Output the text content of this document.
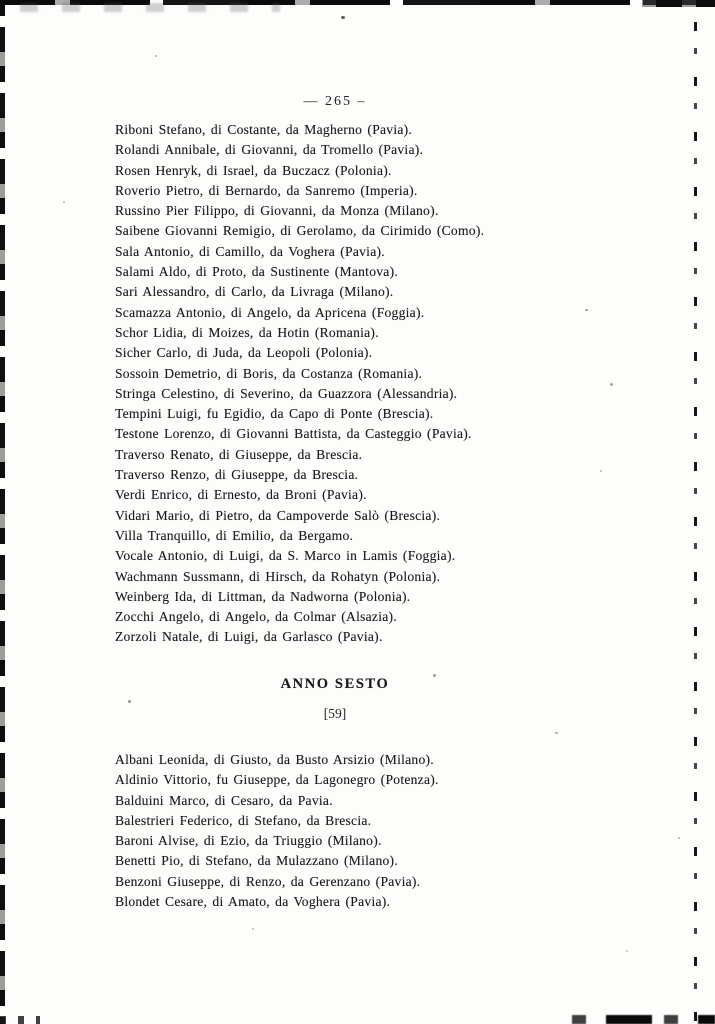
— 265 –
Riboni Stefano, di Costante, da Magherno (Pavia).
Rolandi Annibale, di Giovanni, da Tromello (Pavia).
Rosen Henryk, di Israel, da Buczacz (Polonia).
Roverio Pietro, di Bernardo, da Sanremo (Imperia).
Russino Pier Filippo, di Giovanni, da Monza (Milano).
Saibene Giovanni Remigio, di Gerolamo, da Cirimido (Como).
Sala Antonio, di Camillo, da Voghera (Pavia).
Salami Aldo, di Proto, da Sustinente (Mantova).
Sari Alessandro, di Carlo, da Livraga (Milano).
Scamazza Antonio, di Angelo, da Apricena (Foggia).
Schor Lidia, di Moizes, da Hotin (Romania).
Sicher Carlo, di Juda, da Leopoli (Polonia).
Sossoin Demetrio, di Boris, da Costanza (Romania).
Stringa Celestino, di Severino, da Guazzora (Alessandria).
Tempini Luigi, fu Egidio, da Capo di Ponte (Brescia).
Testone Lorenzo, di Giovanni Battista, da Casteggio (Pavia).
Traverso Renato, di Giuseppe, da Brescia.
Traverso Renzo, di Giuseppe, da Brescia.
Verdi Enrico, di Ernesto, da Broni (Pavia).
Vidari Mario, di Pietro, da Campoverde Salò (Brescia).
Villa Tranquillo, di Emilio, da Bergamo.
Vocale Antonio, di Luigi, da S. Marco in Lamis (Foggia).
Wachmann Sussmann, di Hirsch, da Rohatyn (Polonia).
Weinberg Ida, di Littman, da Nadworna (Polonia).
Zocchi Angelo, di Angelo, da Colmar (Alsazia).
Zorzoli Natale, di Luigi, da Garlasco (Pavia).
ANNO SESTO
[59]
Albani Leonida, di Giusto, da Busto Arsizio (Milano).
Aldinio Vittorio, fu Giuseppe, da Lagonegro (Potenza).
Balduini Marco, di Cesaro, da Pavia.
Balestrieri Federico, di Stefano, da Brescia.
Baroni Alvise, di Ezio, da Triuggio (Milano).
Benetti Pio, di Stefano, da Mulazzano (Milano).
Benzoni Giuseppe, di Renzo, da Gerenzano (Pavia).
Blondet Cesare, di Amato, da Voghera (Pavia).
